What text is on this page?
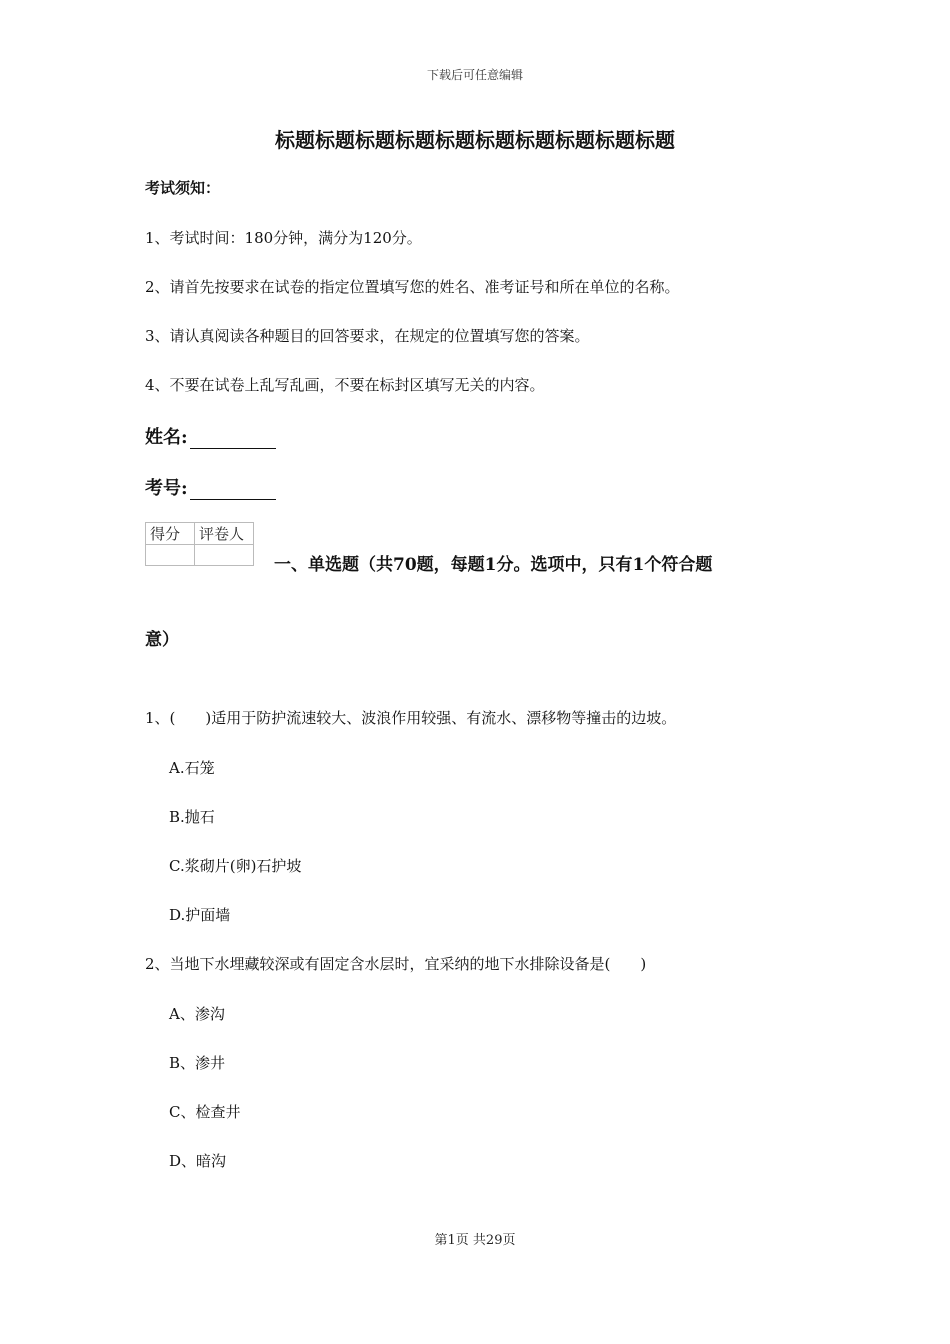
下载后可任意编辑
标题标题标题标题标题标题标题标题标题标题
考试须知：
1、考试时间：180分钟，满分为120分。
2、请首先按要求在试卷的指定位置填写您的姓名、准考证号和所在单位的名称。
3、请认真阅读各种题目的回答要求，在规定的位置填写您的答案。
4、不要在试卷上乱写乱画，不要在标封区填写无关的内容。
姓名:
考号:
得分	评卷人

一、单选题（共70题，每题1分。选项中，只有1个符合题
意）
1、(　　)适用于防护流速较大、波浪作用较强、有流水、漂移物等撞击的边坡。
A.石笼
B.抛石
C.浆砌片(卵)石护坡
D.护面墙
2、当地下水埋藏较深或有固定含水层时，宜采纳的地下水排除设备是(　　)
A、渗沟
B、渗井
C、检查井
D、暗沟
第1页 共29页
